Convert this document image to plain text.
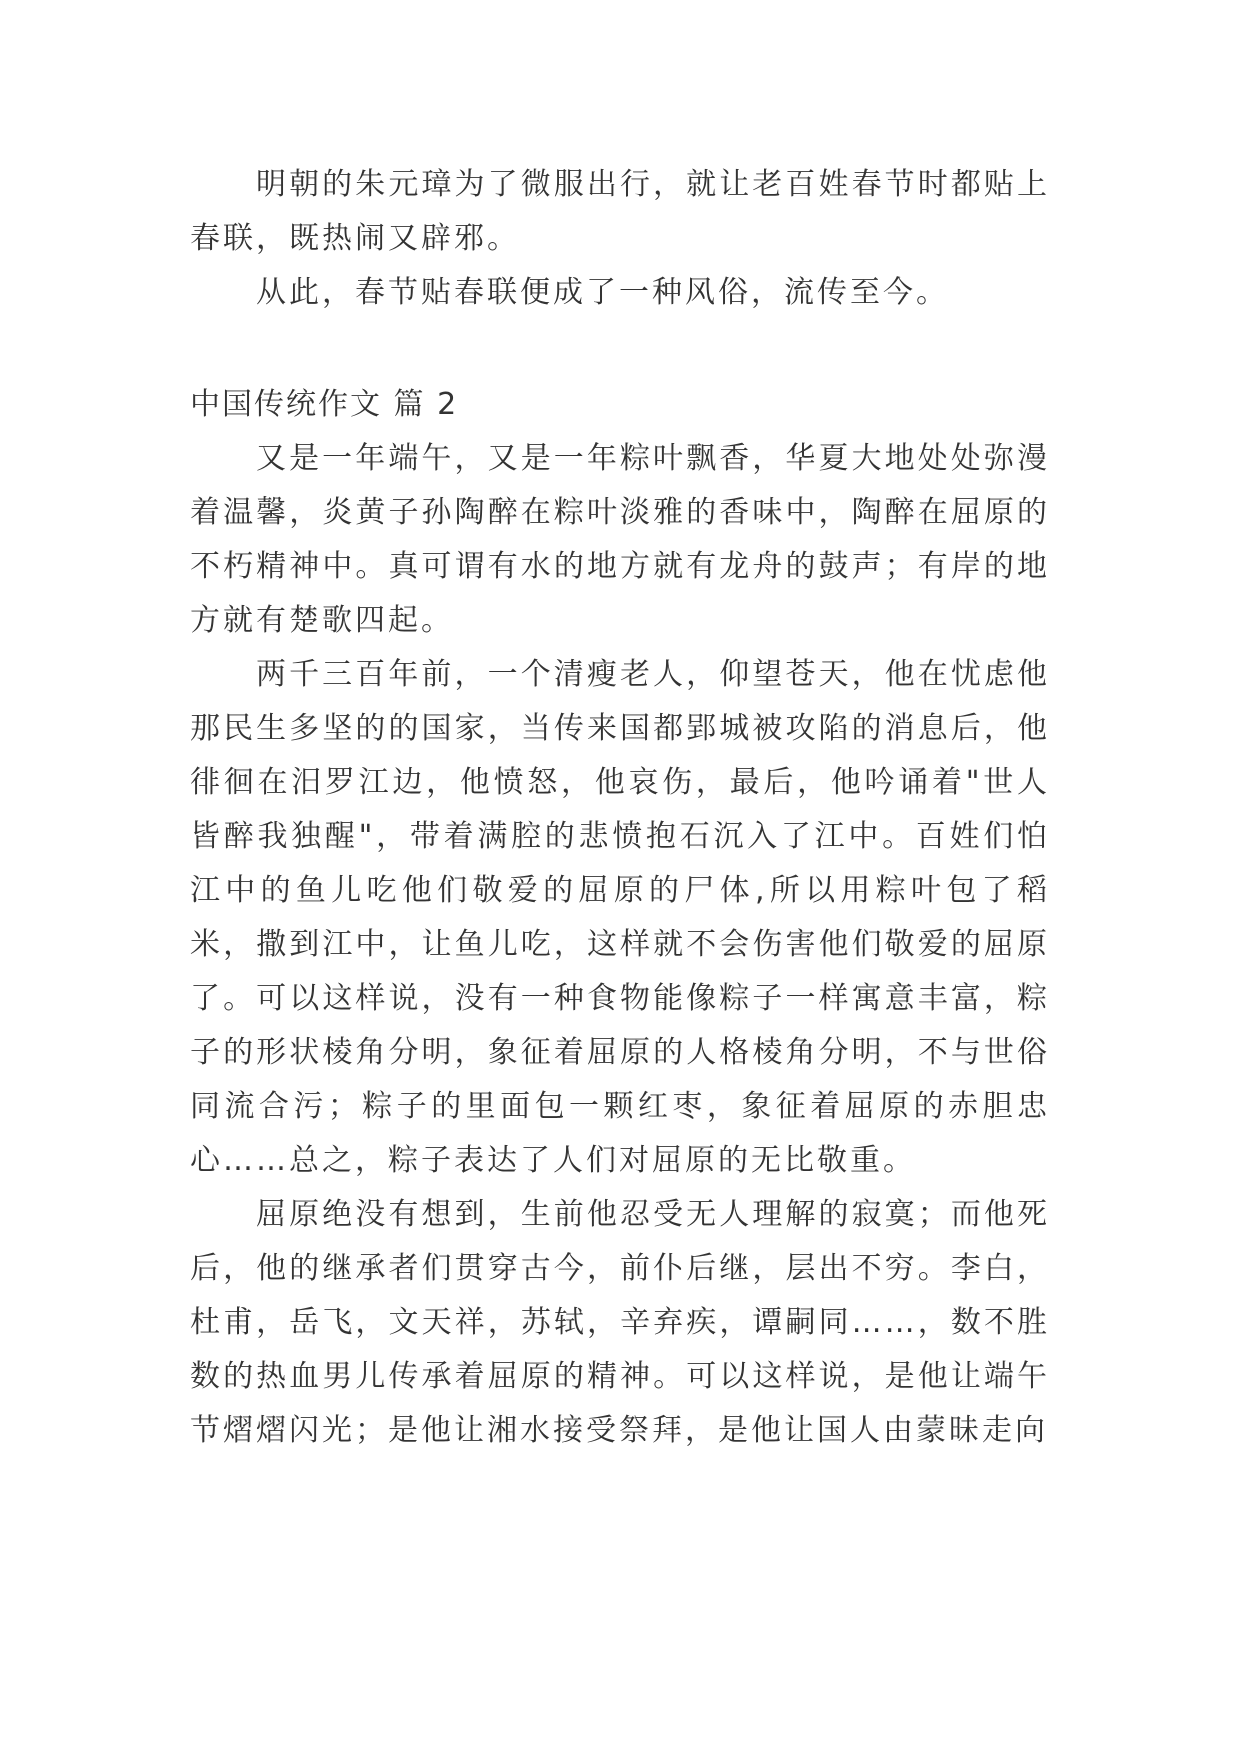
明朝的朱元璋为了微服出行，就让老百姓春节时都贴上春联，既热闹又辟邪。

从此，春节贴春联便成了一种风俗，流传至今。

中国传统作文 篇 2

又是一年端午，又是一年粽叶飘香，华夏大地处处弥漫着温馨，炎黄子孙陶醉在粽叶淡雅的香味中，陶醉在屈原的不朽精神中。真可谓有水的地方就有龙舟的鼓声；有岸的地方就有楚歌四起。

两千三百年前，一个清瘦老人，仰望苍天，他在忧虑他那民生多坚的的国家，当传来国都郢城被攻陷的消息后，他徘徊在汨罗江边，他愤怒，他哀伤，最后，他吟诵着"世人皆醉我独醒"，带着满腔的悲愤抱石沉入了江中。百姓们怕江中的鱼儿吃他们敬爱的屈原的尸体,所以用粽叶包了稻米，撒到江中，让鱼儿吃，这样就不会伤害他们敬爱的屈原了。可以这样说，没有一种食物能像粽子一样寓意丰富，粽子的形状棱角分明，象征着屈原的人格棱角分明，不与世俗同流合污；粽子的里面包一颗红枣，象征着屈原的赤胆忠心……总之，粽子表达了人们对屈原的无比敬重。

屈原绝没有想到，生前他忍受无人理解的寂寞；而他死后，他的继承者们贯穿古今，前仆后继，层出不穷。李白，杜甫，岳飞，文天祥，苏轼，辛弃疾，谭嗣同……，数不胜数的热血男儿传承着屈原的精神。可以这样说，是他让端午节熠熠闪光；是他让湘水接受祭拜，是他让国人由蒙昧走向
